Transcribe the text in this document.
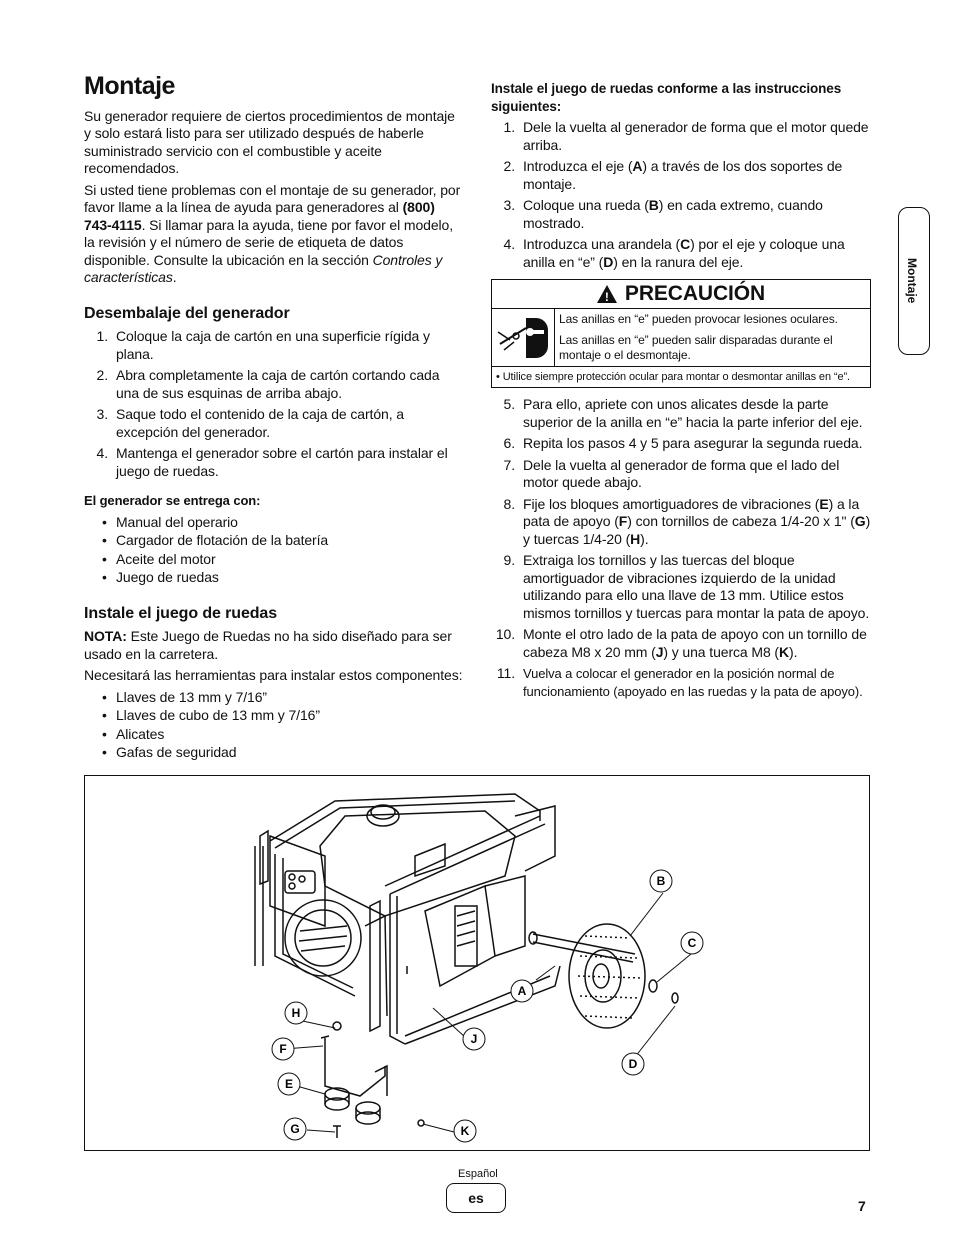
Montaje

Su generador requiere de ciertos procedimientos de montaje y solo estará listo para ser utilizado después de haberle suministrado servicio con el combustible y aceite recomendados.

Si usted tiene problemas con el montaje de su generador, por favor llame a la línea de ayuda para generadores al (800) 743-4115. Si llamar para la ayuda, tiene por favor el modelo, la revisión y el número de serie de etiqueta de datos disponible. Consulte la ubicación en la sección Controles y características.

Desembalaje del generador
1. Coloque la caja de cartón en una superficie rígida y plana.
2. Abra completamente la caja de cartón cortando cada una de sus esquinas de arriba abajo.
3. Saque todo el contenido de la caja de cartón, a excepción del generador.
4. Mantenga el generador sobre el cartón para instalar el juego de ruedas.
El generador se entrega con:
• Manual del operario
• Cargador de flotación de la batería
• Aceite del motor
• Juego de ruedas
Instale el juego de ruedas

NOTA: Este Juego de Ruedas no ha sido diseñado para ser usado en la carretera.

Necesitará las herramientas para instalar estos componentes:

• Llaves de 13 mm y 7/16”
• Llaves de cubo de 13 mm y 7/16”
• Alicates
• Gafas de seguridad
Instale el juego de ruedas conforme a las instrucciones siguientes:
1. Dele la vuelta al generador de forma que el motor quede arriba.
2. Introduzca el eje (A) a través de los dos soportes de montaje.
3. Coloque una rueda (B) en cada extremo, cuando mostrado.
4. Introduzca una arandela (C) por el eje y coloque una anilla en “e” (D) en la ranura del eje.
! PRECAUCIÓN

Las anillas en “e” pueden provocar lesiones oculares.

Las anillas en “e” pueden salir disparadas durante el montaje o el desmontaje.

• Utilice siempre protección ocular para montar o desmontar anillas en “e”.
5. Para ello, apriete con unos alicates desde la parte superior de la anilla en “e” hacia la parte inferior del eje.
6. Repita los pasos 4 y 5 para asegurar la segunda rueda.
7. Dele la vuelta al generador de forma que el lado del motor quede abajo.
8. Fije los bloques amortiguadores de vibraciones (E) a la pata de apoyo (F) con tornillos de cabeza 1/4-20 x 1" (G) y tuercas 1/4-20 (H).
9. Extraiga los tornillos y las tuercas del bloque amortiguador de vibraciones izquierdo de la unidad utilizando para ello una llave de 13 mm. Utilice estos mismos tornillos y tuercas para montar la pata de apoyo.
10. Monte el otro lado de la pata de apoyo con un tornillo de cabeza M8 x 20 mm (J) y una tuerca M8 (K).
11. Vuelva a colocar el generador en la posición normal de funcionamiento (apoyado en las ruedas y la pata de apoyo).
Montaje
A
B
C
D
E
F
G
H
J
K
Español
es	7
